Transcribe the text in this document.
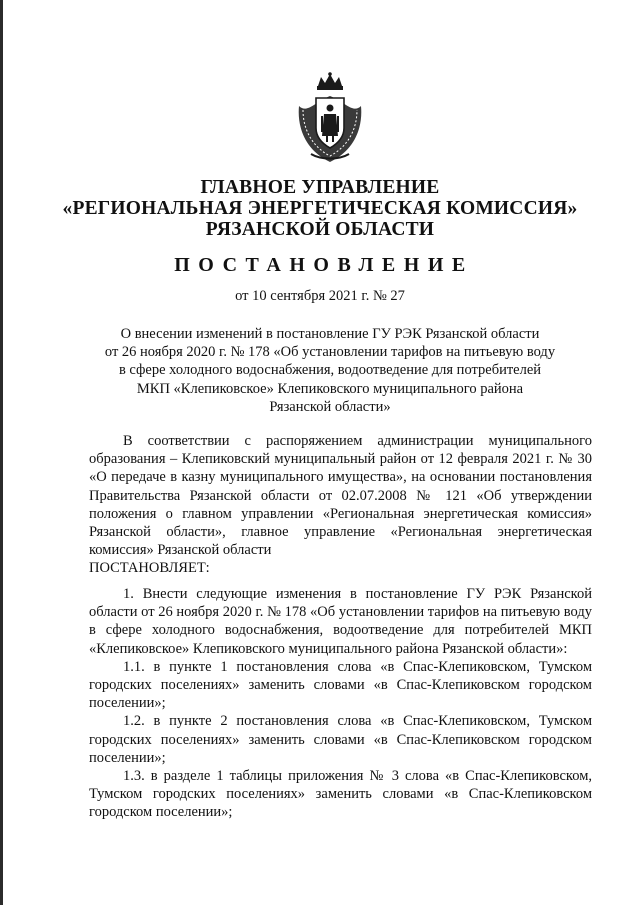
ГЛАВНОЕ УПРАВЛЕНИЕ
«РЕГИОНАЛЬНАЯ ЭНЕРГЕТИЧЕСКАЯ КОМИССИЯ»
РЯЗАНСКОЙ ОБЛАСТИ
ПОСТАНОВЛЕНИЕ
от 10 сентября 2021 г. № 27
О внесении изменений в постановление ГУ РЭК Рязанской области
от 26 ноября 2020 г. № 178 «Об установлении тарифов на питьевую воду
в сфере холодного водоснабжения, водоотведение для потребителей
МКП «Клепиковское» Клепиковского муниципального района
Рязанской области»

В соответствии с распоряжением администрации муниципального образования – Клепиковский муниципальный район от 12 февраля 2021 г. № 30 «О передаче в казну муниципального имущества», на основании постановления Правительства Рязанской области от 02.07.2008 № 121 «Об утверждении положения о главном управлении «Региональная энергетическая комиссия» Рязанской области», главное управление «Региональная энергетическая комиссия» Рязанской области

ПОСТАНОВЛЯЕТ:

1. Внести следующие изменения в постановление ГУ РЭК Рязанской области от 26 ноября 2020 г. № 178 «Об установлении тарифов на питьевую воду в сфере холодного водоснабжения, водоотведение для потребителей МКП «Клепиковское» Клепиковского муниципального района Рязанской области»:

1.1. в пункте 1 постановления слова «в Спас-Клепиковском, Тумском городских поселениях» заменить словами «в Спас-Клепиковском городском поселении»;

1.2. в пункте 2 постановления слова «в Спас-Клепиковском, Тумском городских поселениях» заменить словами «в Спас-Клепиковском городском поселении»;

1.3. в разделе 1 таблицы приложения № 3 слова «в Спас-Клепиковском, Тумском городских поселениях» заменить словами «в Спас-Клепиковском городском поселении»;
